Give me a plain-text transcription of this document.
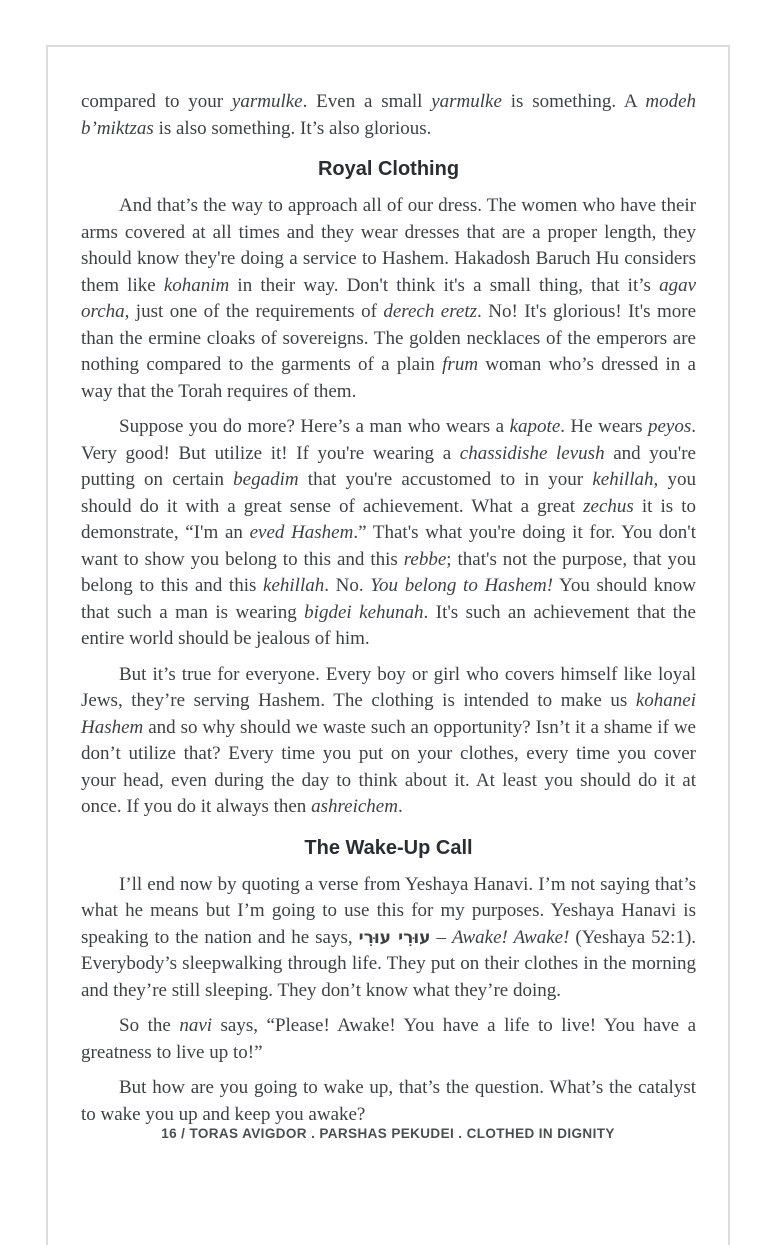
compared to your yarmulke. Even a small yarmulke is something. A modeh b’miktzas is also something. It’s also glorious.

Royal Clothing

And that’s the way to approach all of our dress. The women who have their arms covered at all times and they wear dresses that are a proper length, they should know they're doing a service to Hashem. Hakadosh Baruch Hu considers them like kohanim in their way. Don't think it's a small thing, that it’s agav orcha, just one of the requirements of derech eretz. No! It's glorious! It's more than the ermine cloaks of sovereigns. The golden necklaces of the emperors are nothing compared to the garments of a plain frum woman who’s dressed in a way that the Torah requires of them.

Suppose you do more? Here’s a man who wears a kapote. He wears peyos. Very good! But utilize it! If you're wearing a chassidishe levush and you're putting on certain begadim that you're accustomed to in your kehillah, you should do it with a great sense of achievement. What a great zechus it is to demonstrate, “I'm an eved Hashem.” That's what you're doing it for. You don't want to show you belong to this and this rebbe; that's not the purpose, that you belong to this and this kehillah. No. You belong to Hashem! You should know that such a man is wearing bigdei kehunah. It's such an achievement that the entire world should be jealous of him.

But it’s true for everyone. Every boy or girl who covers himself like loyal Jews, they’re serving Hashem. The clothing is intended to make us kohanei Hashem and so why should we waste such an opportunity? Isn’t it a shame if we don’t utilize that? Every time you put on your clothes, every time you cover your head, even during the day to think about it. At least you should do it at once. If you do it always then ashreichem.

The Wake-Up Call

I’ll end now by quoting a verse from Yeshaya Hanavi. I’m not saying that’s what he means but I’m going to use this for my purposes. Yeshaya Hanavi is speaking to the nation and he says, עוּרִי עוּרִי – Awake! Awake! (Yeshaya 52:1). Everybody’s sleepwalking through life. They put on their clothes in the morning and they’re still sleeping. They don’t know what they’re doing.

So the navi says, “Please! Awake! You have a life to live! You have a greatness to live up to!”

But how are you going to wake up, that’s the question. What’s the catalyst to wake you up and keep you awake?

16 / TORAS AVIGDOR . PARSHAS PEKUDEI . CLOTHED IN DIGNITY
